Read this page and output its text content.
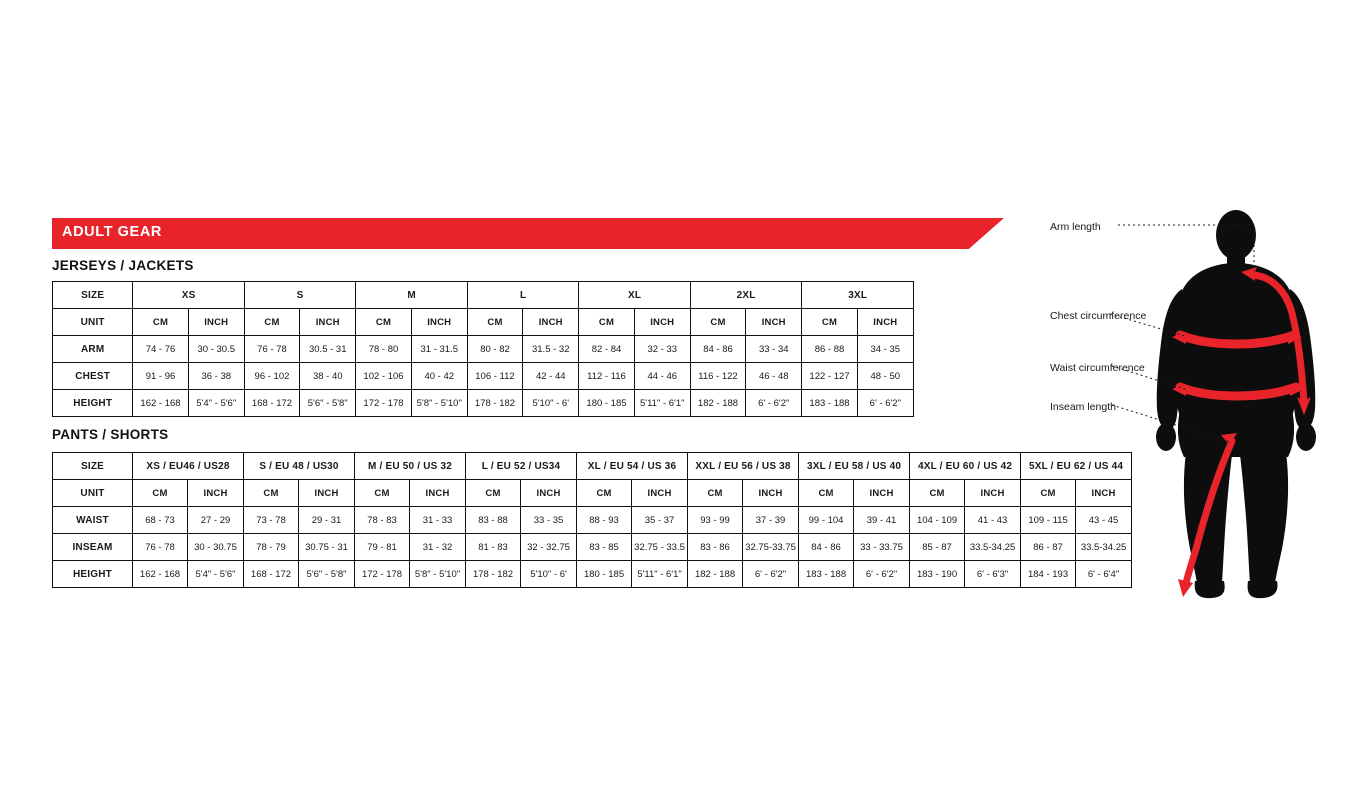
ADULT GEAR
JERSEYS / JACKETS
SIZE	XS		S		M		L		XL		2XL		3XL	
UNIT	CM	INCH	CM	INCH	CM	INCH	CM	INCH	CM	INCH	CM	INCH	CM	INCH
ARM	74 - 76	30 - 30.5	76 - 78	30.5 - 31	78 - 80	31 - 31.5	80 - 82	31.5 - 32	82 - 84	32 - 33	84 - 86	33 - 34	86 - 88	34 - 35
CHEST	91 - 96	36 - 38	96 - 102	38 - 40	102 - 106	40 - 42	106 - 112	42 - 44	112 - 116	44 - 46	116 - 122	46 - 48	122 - 127	48 - 50
HEIGHT	162 - 168	5'4" - 5'6"	168 - 172	5'6" - 5'8"	172 - 178	5'8" - 5'10"	178 - 182	5'10" - 6'	180 - 185	5'11" - 6'1"	182 - 188	6' - 6'2"	183 - 188	6' - 6'2"
PANTS / SHORTS
SIZE	XS / EU46 / US28		S / EU 48 / US30		M / EU 50 / US 32		L / EU 52 / US34		XL / EU 54 / US 36		XXL / EU 56 / US 38		3XL / EU 58 / US 40		4XL / EU 60 / US 42		5XL / EU 62 / US 44	
UNIT	CM	INCH	CM	INCH	CM	INCH	CM	INCH	CM	INCH	CM	INCH	CM	INCH	CM	INCH	CM	INCH
WAIST	68 - 73	27 - 29	73 - 78	29 - 31	78 - 83	31 - 33	83 - 88	33 - 35	88 - 93	35 - 37	93 - 99	37 - 39	99 - 104	39 - 41	104 - 109	41 - 43	109 - 115	43 - 45
INSEAM	76 - 78	30 - 30.75	78 - 79	30.75 - 31	79 - 81	31 - 32	81 - 83	32 - 32.75	83 - 85	32.75 - 33.5	83 - 86	32.75-33.75	84 - 86	33 - 33.75	85 - 87	33.5-34.25	86 - 87	33.5-34.25
HEIGHT	162 - 168	5'4" - 5'6"	168 - 172	5'6" - 5'8"	172 - 178	5'8" - 5'10"	178 - 182	5'10" - 6'	180 - 185	5'11" - 6'1"	182 - 188	6' - 6'2"	183 - 188	6' - 6'2"	183 - 190	6' - 6'3"	184 - 193	6' - 6'4"
Arm length
Chest circumference
Waist circumference
Inseam length
